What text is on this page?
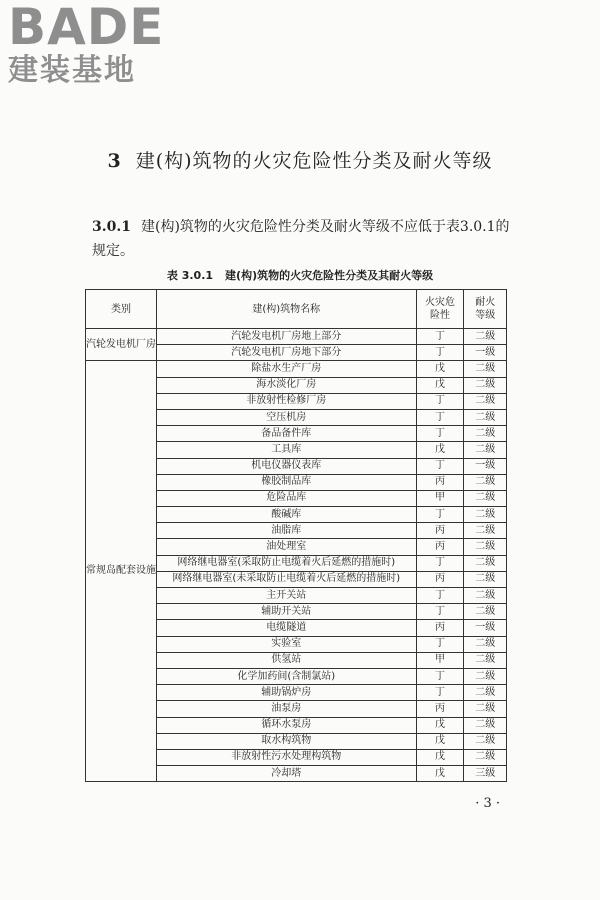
BADE
建装基地
3 建(构)筑物的火灾危险性分类及耐火等级
3.0.1 建(构)筑物的火灾危险性分类及耐火等级不应低于表3.0.1的规定。
表 3.0.1 建(构)筑物的火灾危险性分类及其耐火等级
类别	建(构)筑物名称	火灾危险性	耐火等级

汽轮发电机厂房	汽轮发电机厂房地上部分	丁	二级
	汽轮发电机厂房地下部分	丁	一级
常规岛配套设施	除盐水生产厂房	戊	二级
	海水淡化厂房	戊	二级
	非放射性检修厂房	丁	二级
	空压机房	丁	二级
	备品备件库	丁	二级
	工具库	戊	二级
	机电仪器仪表库	丁	一级
	橡胶制品库	丙	二级
	危险品库	甲	二级
	酸碱库	丁	二级
	油脂库	丙	二级
	油处理室	丙	二级
	网络继电器室(采取防止电缆着火后延燃的措施时)	丁	二级
	网络继电器室(未采取防止电缆着火后延燃的措施时)	丙	二级
	主开关站	丁	二级
	辅助开关站	丁	二级
	电缆隧道	丙	一级
	实验室	丁	二级
	供氢站	甲	二级
	化学加药间(含制氯站)	丁	二级
	辅助锅炉房	丁	二级
	油泵房	丙	二级
	循环水泵房	戊	二级
	取水构筑物	戊	二级
	非放射性污水处理构筑物	戊	二级
	冷却塔	戊	三级
· 3 ·
